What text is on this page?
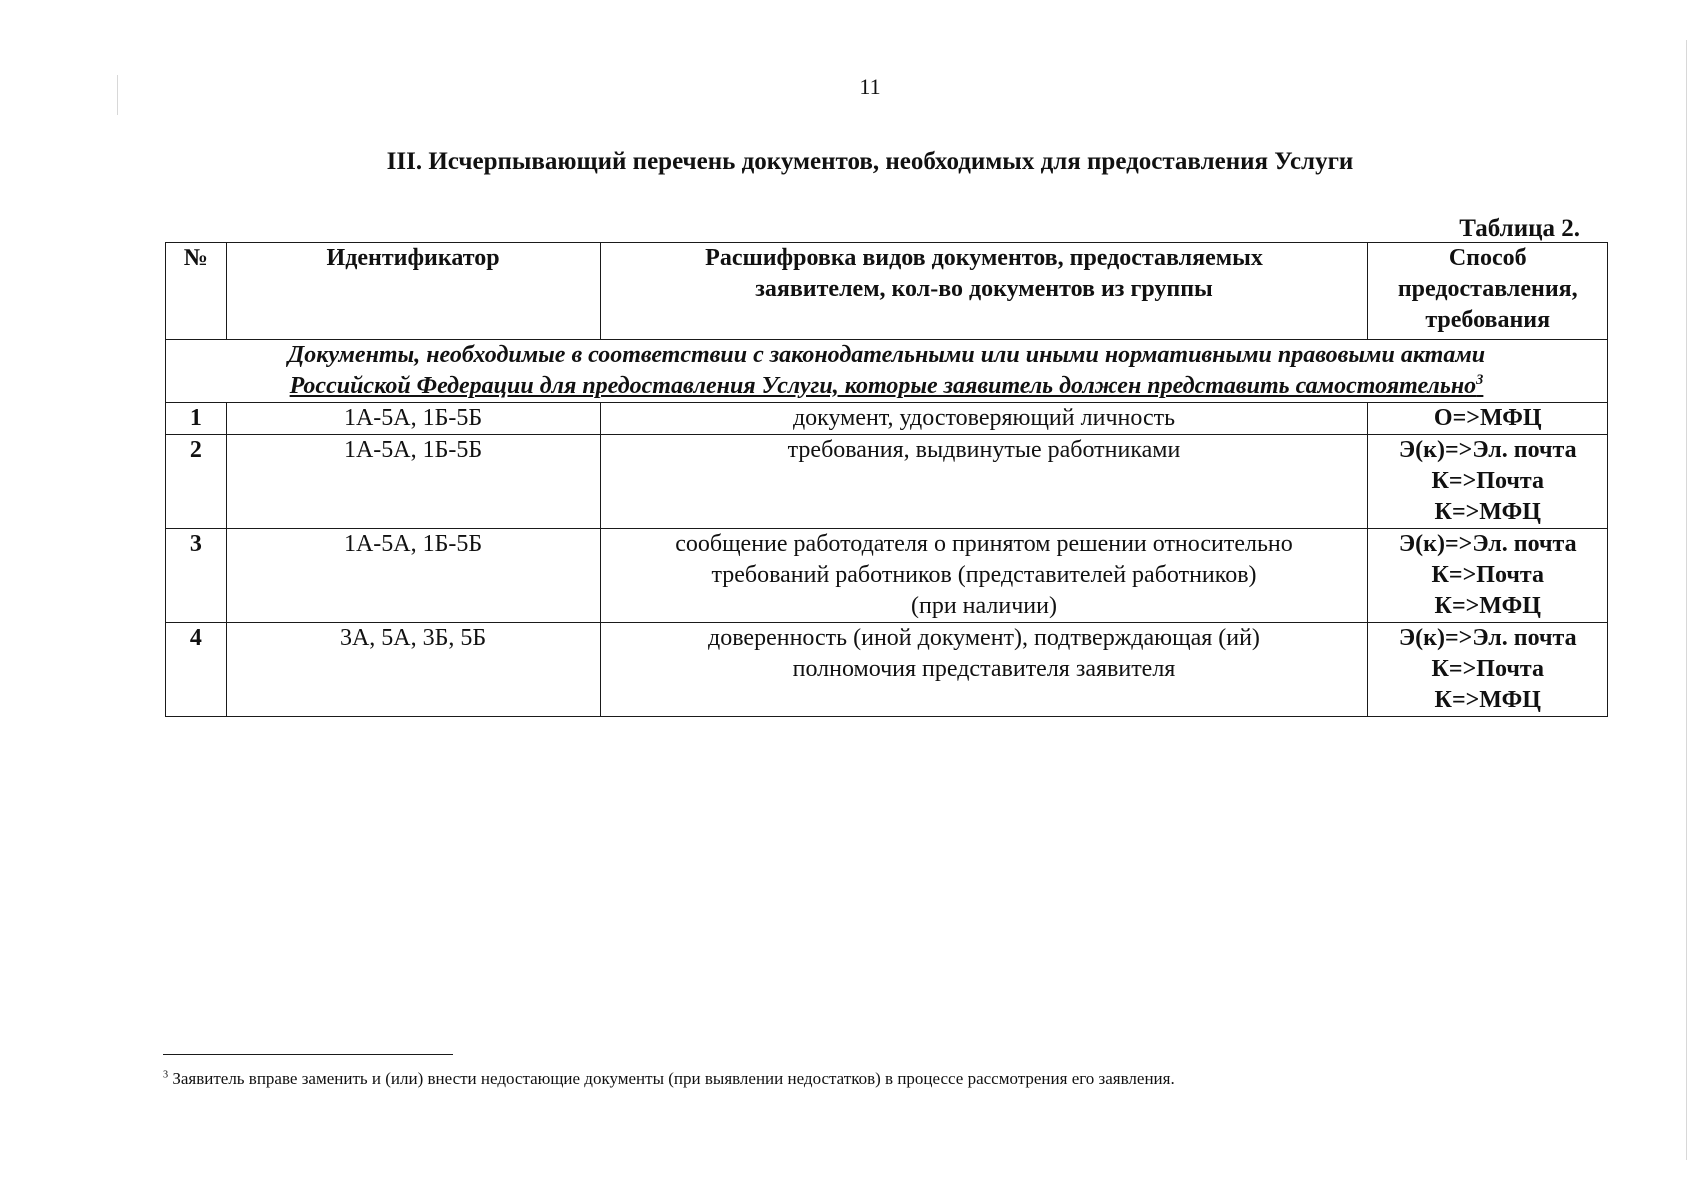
11
III. Исчерпывающий перечень документов, необходимых для предоставления Услуги
Таблица 2.
№	Идентификатор	Расшифровка видов документов, предоставляемых
заявителем, кол-во документов из группы	Способ
предоставления,
требования

Документы, необходимые в соответствии с законодательными или иными нормативными правовыми актами
Российской Федерации для предоставления Услуги, которые заявитель должен представить самостоятельно$^3$

1	1А-5А, 1Б-5Б	документ, удостоверяющий личность	О=>МФЦ

2	1А-5А, 1Б-5Б	требования, выдвинутые работниками	Э(к)=>Эл. почта
К=>Почта
К=>МФЦ

3	1А-5А, 1Б-5Б	сообщение работодателя о принятом решении относительно
требований работников (представителей работников)
(при наличии)	Э(к)=>Эл. почта
К=>Почта
К=>МФЦ

4	3А, 5А, 3Б, 5Б	доверенность (иной документ), подтверждающая (ий)
полномочия представителя заявителя	Э(к)=>Эл. почта
К=>Почта
К=>МФЦ
$^3$ Заявитель вправе заменить и (или) внести недостающие документы (при выявлении недостатков) в процессе рассмотрения его заявления.
